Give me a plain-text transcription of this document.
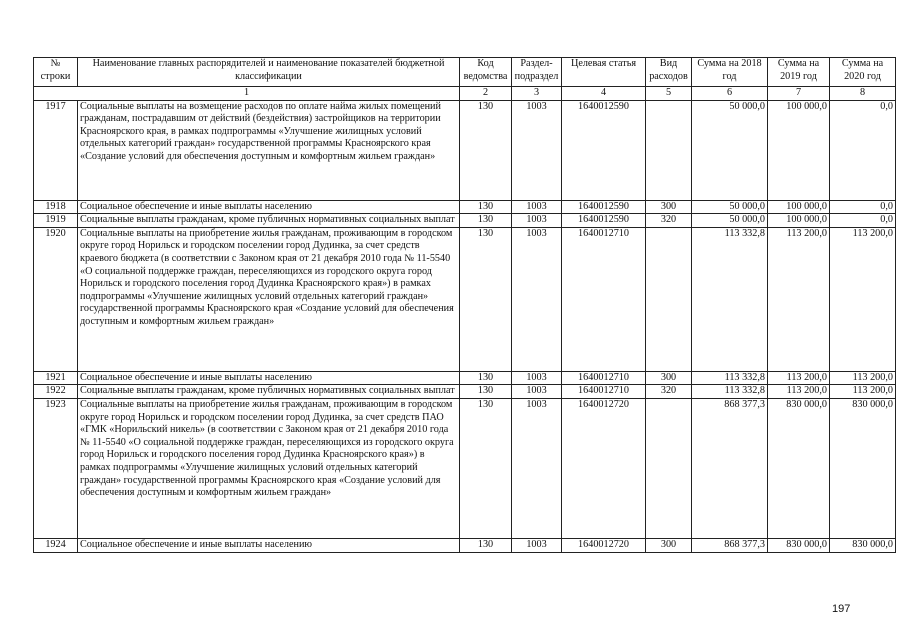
№ строки	Наименование главных распорядителей и наименование показателей бюджетной классификации	Код ведомства	Раздел-подраздел	Целевая статья	Вид расходов	Сумма на 2018 год	Сумма на 2019 год	Сумма на 2020 год
1		2	3	4	5	6	7	8
1917	Социальные выплаты на возмещение расходов по оплате найма жилых помещений гражданам, пострадавшим от действий (бездействия) застройщиков на территории Красноярского края, в рамках подпрограммы «Улучшение жилищных условий отдельных категорий граждан» государственной программы Красноярского края «Создание условий для обеспечения доступным и комфортным жильем граждан»	130	1003	1640012590		50 000,0	100 000,0	0,0
1918	Социальное обеспечение и иные выплаты населению	130	1003	1640012590	300	50 000,0	100 000,0	0,0
1919	Социальные выплаты гражданам, кроме публичных нормативных социальных выплат	130	1003	1640012590	320	50 000,0	100 000,0	0,0
1920	Социальные выплаты на приобретение жилья гражданам, проживающим в городском округе город Норильск и городском поселении город Дудинка, за счет средств краевого бюджета (в соответствии с Законом края от 21 декабря 2010 года № 11-5540 «О социальной поддержке граждан, переселяющихся из городского округа город Норильск и городского поселения город Дудинка Красноярского края») в рамках подпрограммы «Улучшение жилищных условий отдельных категорий граждан» государственной программы Красноярского края «Создание условий для обеспечения доступным и комфортным жильем граждан»	130	1003	1640012710		113 332,8	113 200,0	113 200,0
1921	Социальное обеспечение и иные выплаты населению	130	1003	1640012710	300	113 332,8	113 200,0	113 200,0
1922	Социальные выплаты гражданам, кроме публичных нормативных социальных выплат	130	1003	1640012710	320	113 332,8	113 200,0	113 200,0
1923	Социальные выплаты на приобретение жилья гражданам, проживающим в городском округе город Норильск и городском поселении город Дудинка, за счет средств ПАО «ГМК «Норильский никель» (в соответствии с Законом края от 21 декабря 2010 года № 11-5540 «О социальной поддержке граждан, переселяющихся из городского округа город Норильск и городского поселения город Дудинка Красноярского края») в рамках подпрограммы «Улучшение жилищных условий отдельных категорий граждан» государственной программы Красноярского края «Создание условий для обеспечения доступным и комфортным жильем граждан»	130	1003	1640012720		868 377,3	830 000,0	830 000,0
1924	Социальное обеспечение и иные выплаты населению	130	1003	1640012720	300	868 377,3	830 000,0	830 000,0
197
